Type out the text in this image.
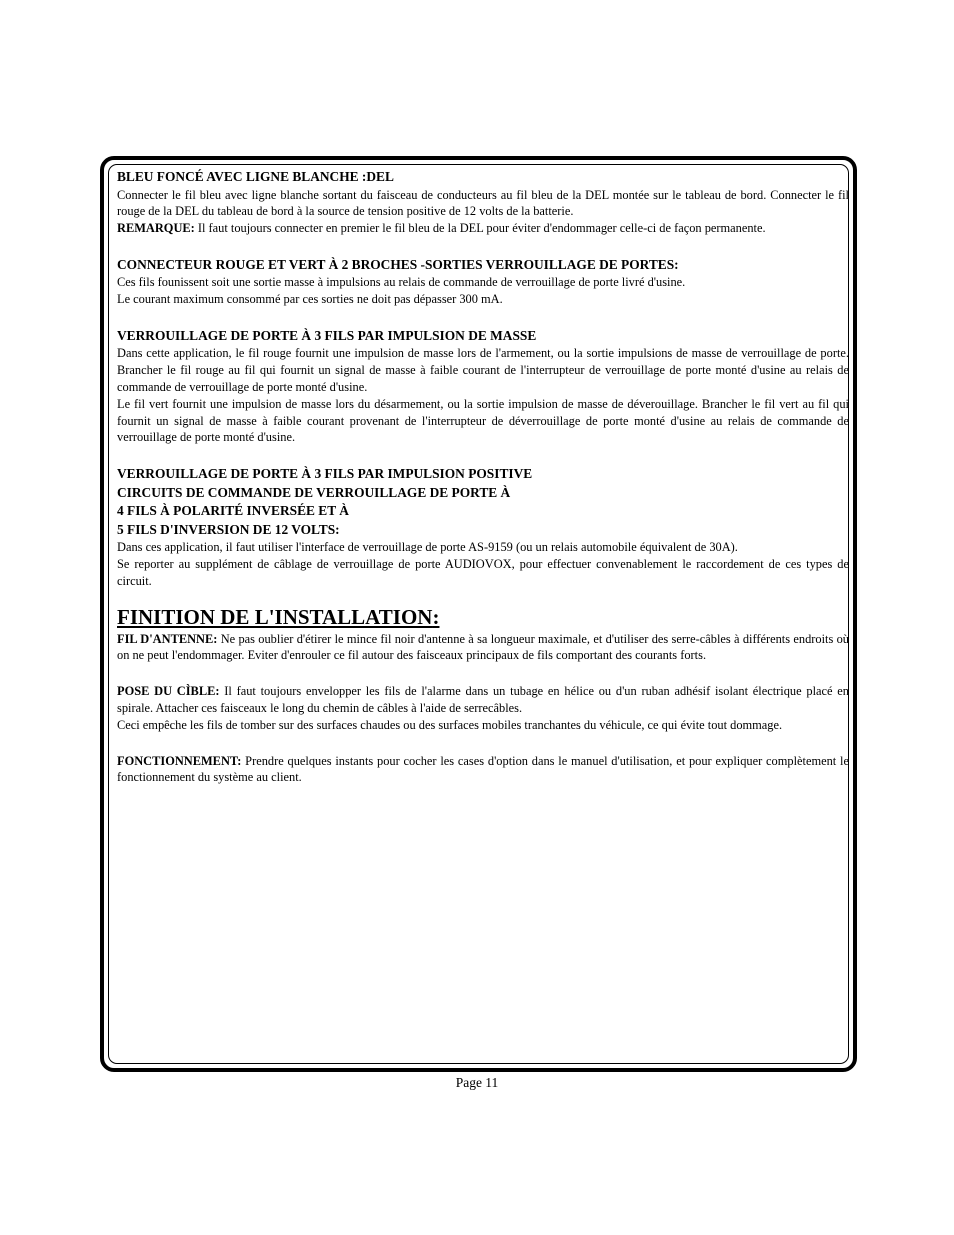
BLEU FONCÉ AVEC LIGNE BLANCHE :DEL

Connecter le fil bleu avec ligne blanche sortant du faisceau de conducteurs au fil bleu de la DEL montée sur le tableau de bord. Connecter le fil rouge de la DEL du tableau de bord à la source de tension positive de 12 volts de la batterie.

REMARQUE: Il faut toujours connecter en premier le fil bleu de la DEL pour éviter d'endommager celle-ci de façon permanente.

CONNECTEUR ROUGE ET VERT À 2 BROCHES -SORTIES VERROUILLAGE DE PORTES:

Ces fils founissent soit une sortie masse à impulsions au relais de commande de verrouillage de porte livré d'usine.

Le courant maximum consommé par ces sorties ne doit pas dépasser 300 mA.

VERROUILLAGE DE PORTE À 3 FILS PAR IMPULSION DE MASSE

Dans cette application, le fil rouge fournit une impulsion de masse lors de l'armement, ou la sortie impulsions de masse de verrouillage de porte. Brancher le fil rouge au fil qui fournit un signal de masse à faible courant de l'interrupteur de verrouillage de porte monté d'usine au relais de commande de verrouillage de porte monté d'usine.

Le fil vert fournit une impulsion de masse lors du désarmement, ou la sortie impulsion de masse de déverouillage. Brancher le fil vert au fil qui fournit un signal de masse à faible courant provenant de l'interrupteur de déverrouillage de porte monté d'usine au relais de commande de verrouillage de porte monté d'usine.

VERROUILLAGE DE PORTE À 3 FILS PAR IMPULSION POSITIVE

CIRCUITS DE COMMANDE DE VERROUILLAGE DE PORTE À

4 FILS À POLARITÉ INVERSÉE ET À

5 FILS D'INVERSION DE 12 VOLTS:

Dans ces application, il faut utiliser l'interface de verrouillage de porte AS-9159 (ou un relais automobile équivalent de 30A).

Se reporter au supplément de câblage de verrouillage de porte AUDIOVOX, pour effectuer convenablement le raccordement de ces types de circuit.

FINITION DE L'INSTALLATION:

FIL D'ANTENNE: Ne pas oublier d'étirer le mince fil noir d'antenne à sa longueur maximale, et d'utiliser des serre-câbles à différents endroits où on ne peut l'endommager. Eviter d'enrouler ce fil autour des faisceaux principaux de fils comportant des courants forts.

POSE DU CÌBLE: Il faut toujours envelopper les fils de l'alarme dans un tubage en hélice ou d'un ruban adhésif isolant électrique placé en spirale. Attacher ces faisceaux le long du chemin de câbles à l'aide de serrecâbles.

Ceci empêche les fils de tomber sur des surfaces chaudes ou des surfaces mobiles tranchantes du véhicule, ce qui évite tout dommage.

FONCTIONNEMENT: Prendre quelques instants pour cocher les cases d'option dans le manuel d'utilisation, et pour expliquer complètement le fonctionnement du système au client.

Page 11
